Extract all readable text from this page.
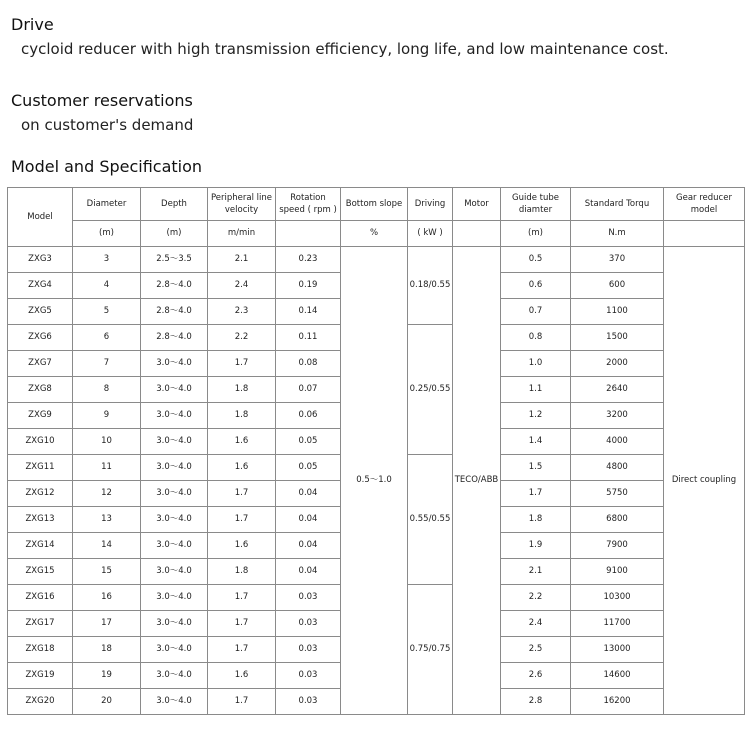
Drive
cycloid reducer with high transmission efficiency, long life, and low maintenance cost.
Customer reservations
on customer's demand
Model and Specification
Model	Diameter	Depth	Peripheral line velocity	Rotation speed ( rpm )	Bottom slope	Driving	Motor	Guide tube diamter	Standard Torqu	Gear reducer model
	(m)	(m)	m/min		%	( kW )		(m)	N.m	
ZXG3	3	2.5～3.5	2.1	0.23	0.5～1.0	0.18/0.55	TECO/ABB	0.5	370	Direct coupling
ZXG4	4	2.8～4.0	2.4	0.19				0.6	600	
ZXG5	5	2.8～4.0	2.3	0.14				0.7	1100	
ZXG6	6	2.8～4.0	2.2	0.11		0.25/0.55		0.8	1500	
ZXG7	7	3.0～4.0	1.7	0.08				1.0	2000	
ZXG8	8	3.0～4.0	1.8	0.07				1.1	2640	
ZXG9	9	3.0～4.0	1.8	0.06				1.2	3200	
ZXG10	10	3.0～4.0	1.6	0.05				1.4	4000	
ZXG11	11	3.0～4.0	1.6	0.05		0.55/0.55		1.5	4800	
ZXG12	12	3.0～4.0	1.7	0.04				1.7	5750	
ZXG13	13	3.0～4.0	1.7	0.04				1.8	6800	
ZXG14	14	3.0～4.0	1.6	0.04				1.9	7900	
ZXG15	15	3.0～4.0	1.8	0.04				2.1	9100	
ZXG16	16	3.0～4.0	1.7	0.03		0.75/0.75		2.2	10300	
ZXG17	17	3.0～4.0	1.7	0.03				2.4	11700	
ZXG18	18	3.0～4.0	1.7	0.03				2.5	13000	
ZXG19	19	3.0～4.0	1.6	0.03				2.6	14600	
ZXG20	20	3.0～4.0	1.7	0.03				2.8	16200	
